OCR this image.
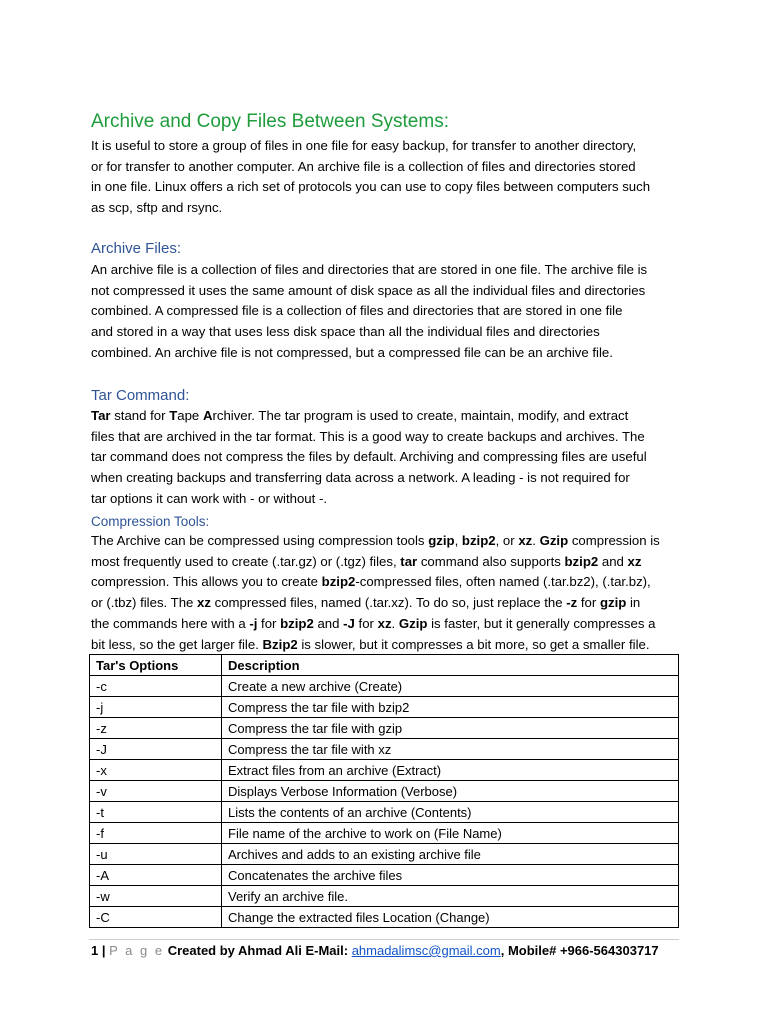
Archive and Copy Files Between Systems:

It is useful to store a group of files in one file for easy backup, for transfer to another directory,
or for transfer to another computer. An archive file is a collection of files and directories stored
in one file. Linux offers a rich set of protocols you can use to copy files between computers such
as scp, sftp and rsync.

Archive Files:

An archive file is a collection of files and directories that are stored in one file. The archive file is
not compressed it uses the same amount of disk space as all the individual files and directories
combined. A compressed file is a collection of files and directories that are stored in one file
and stored in a way that uses less disk space than all the individual files and directories
combined. An archive file is not compressed, but a compressed file can be an archive file.

Tar Command:

Tar stand for Tape Archiver. The tar program is used to create, maintain, modify, and extract
files that are archived in the tar format. This is a good way to create backups and archives. The
tar command does not compress the files by default. Archiving and compressing files are useful
when creating backups and transferring data across a network. A leading - is not required for
tar options it can work with - or without -.

Compression Tools:

The Archive can be compressed using compression tools gzip, bzip2, or xz. Gzip compression is
most frequently used to create (.tar.gz) or (.tgz) files, tar command also supports bzip2 and xz
compression. This allows you to create bzip2-compressed files, often named (.tar.bz2), (.tar.bz),
or (.tbz) files. The xz compressed files, named (.tar.xz). To do so, just replace the -z for gzip in
the commands here with a -j for bzip2 and -J for xz. Gzip is faster, but it generally compresses a
bit less, so the get larger file. Bzip2 is slower, but it compresses a bit more, so get a smaller file.

Tar's Options	Description
-c	Create a new archive (Create)
-j	Compress the tar file with bzip2
-z	Compress the tar file with gzip
-J	Compress the tar file with xz
-x	Extract files from an archive (Extract)
-v	Displays Verbose Information (Verbose)
-t	Lists the contents of an archive (Contents)
-f	File name of the archive to work on (File Name)
-u	Archives and adds to an existing archive file
-A	Concatenates the archive files
-w	Verify an archive file.
-C	Change the extracted files Location (Change)
1 | P a g e Created by Ahmad Ali E-Mail: ahmadalimsc@gmail.com, Mobile# +966-564303717
